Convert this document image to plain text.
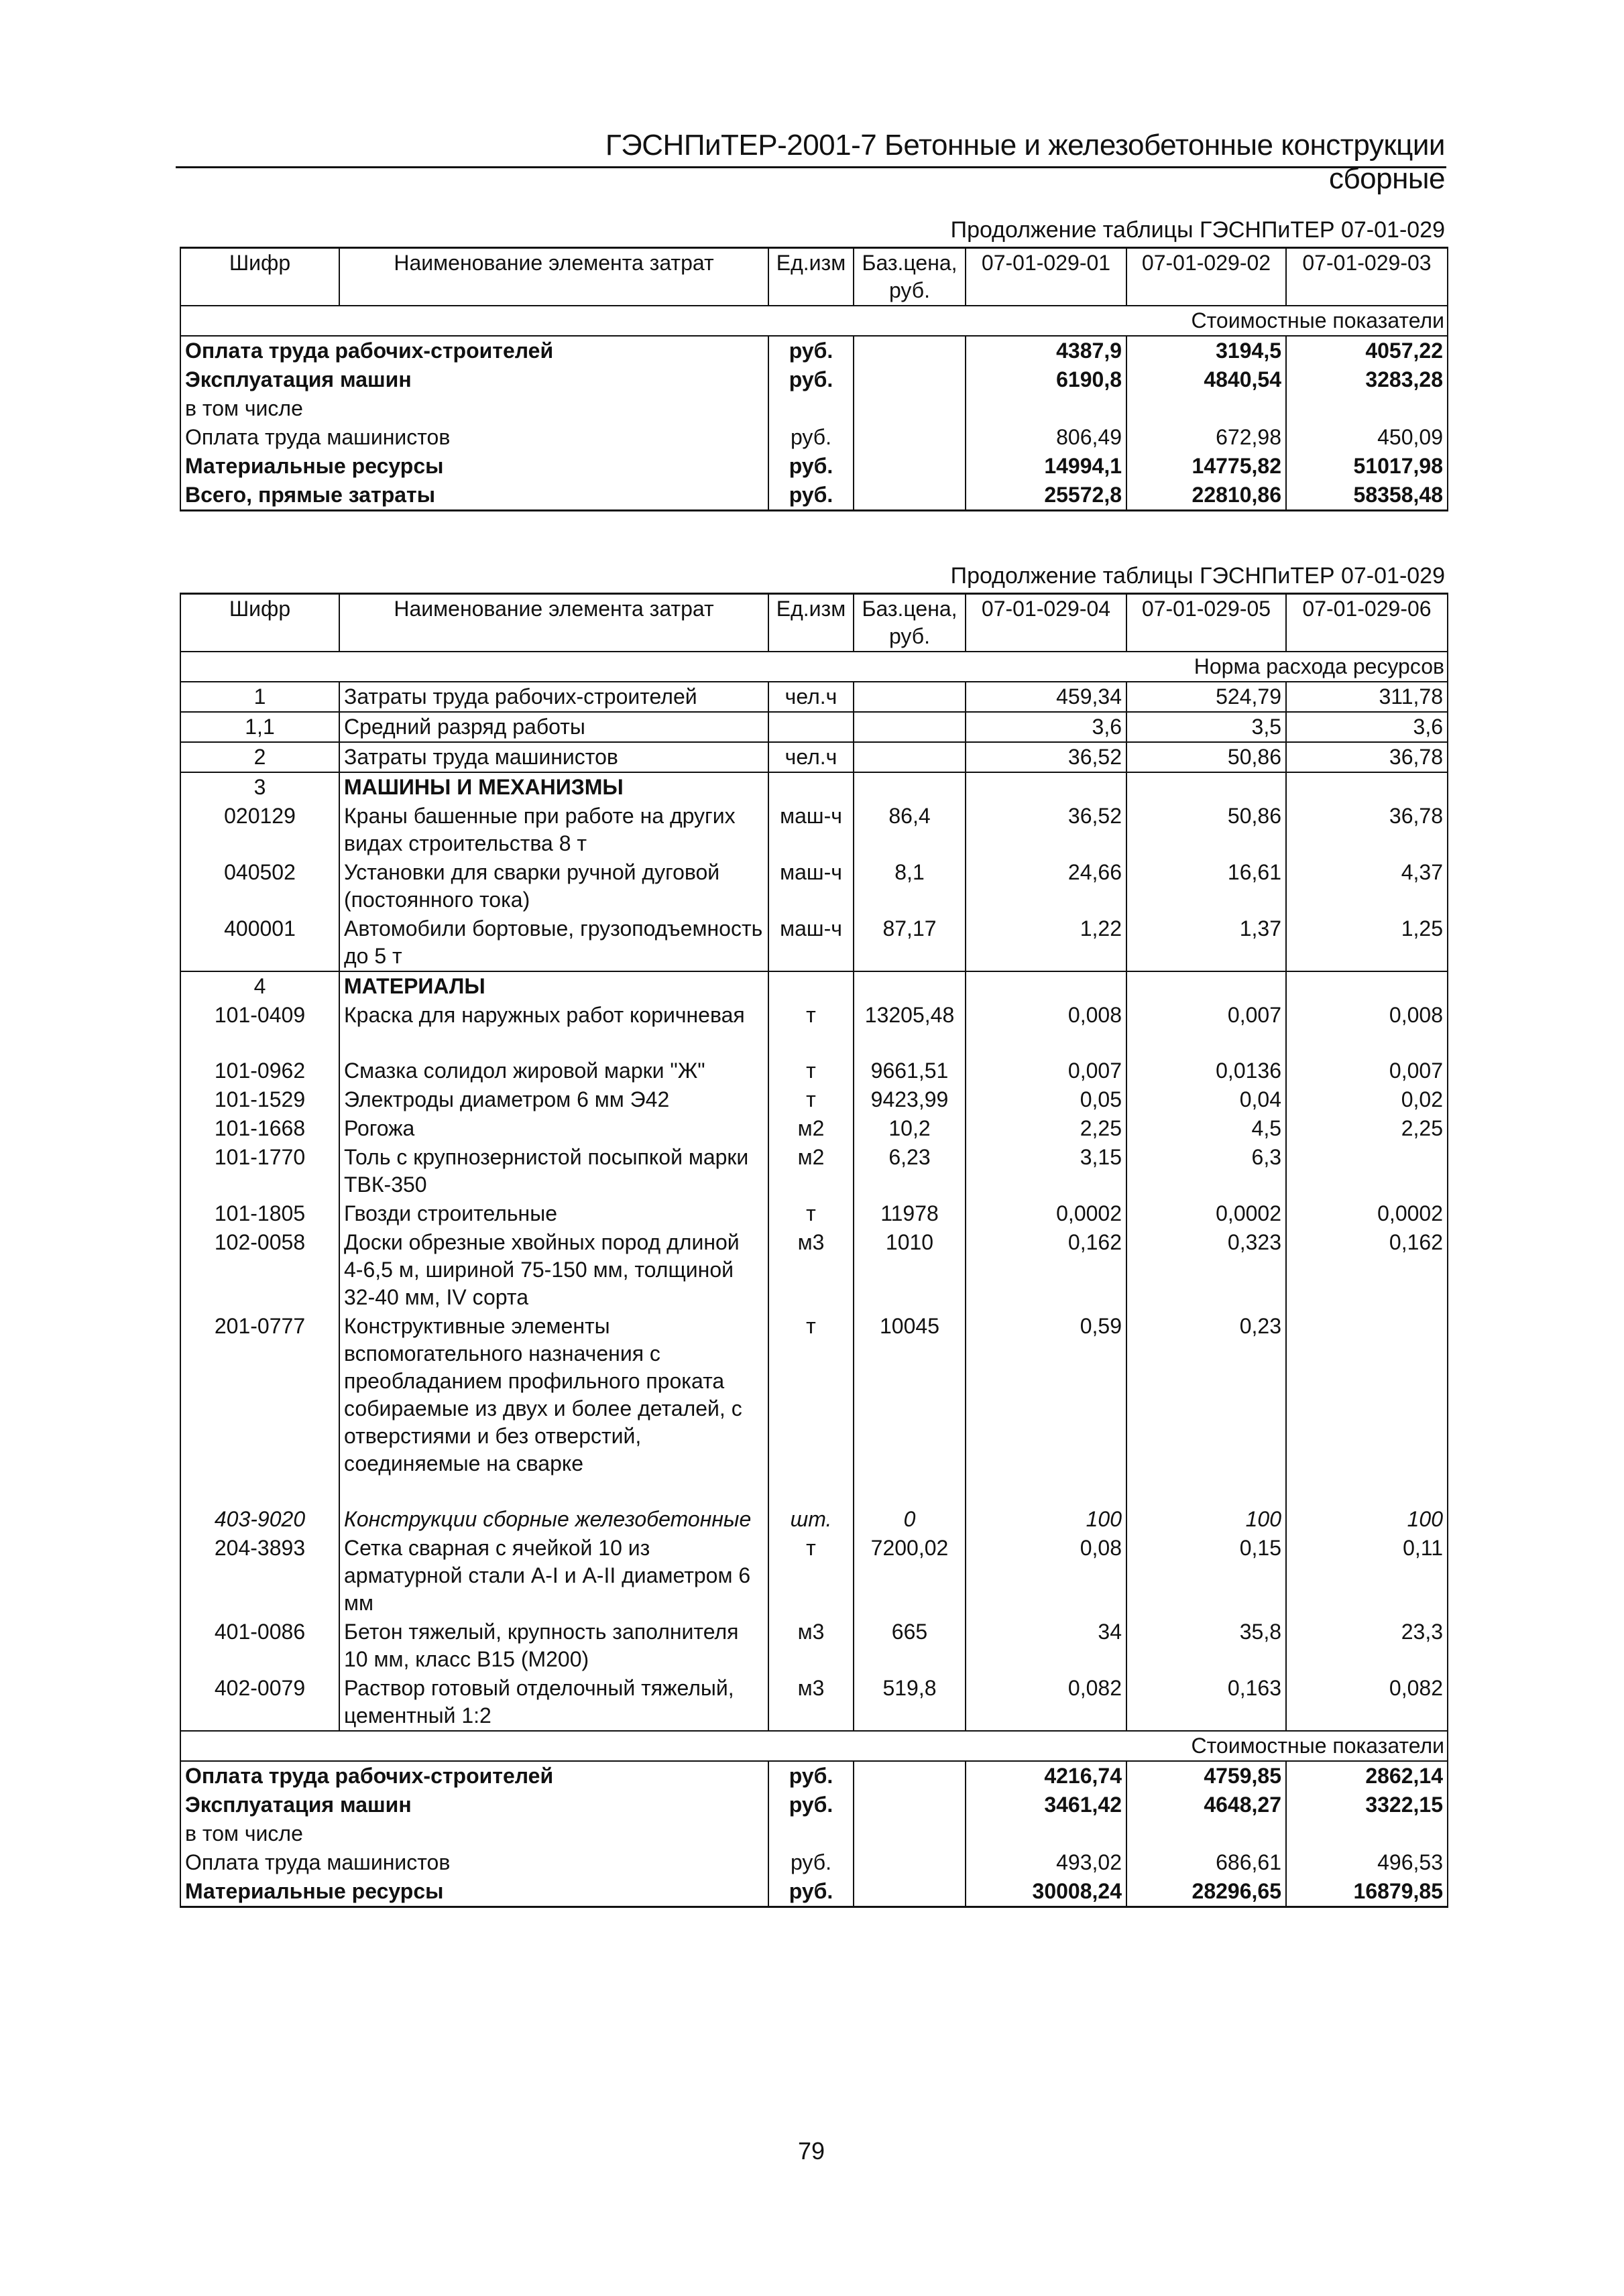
ГЭСНПиТЕР-2001-7 Бетонные и железобетонные конструкции сборные
Продолжение таблицы ГЭСНПиТЕР 07-01-029
Шифр	Наименование элемента затрат	Ед.изм	Баз.цена, руб.	07-01-029-01	07-01-029-02	07-01-029-03
Стоимостные показатели						
Оплата труда рабочих-строителей		руб.		4387,9	3194,5	4057,22
Эксплуатация машин		руб.		6190,8	4840,54	3283,28
в том числе						
Оплата труда машинистов		руб.		806,49	672,98	450,09
Материальные ресурсы		руб.		14994,1	14775,82	51017,98
Всего, прямые затраты		руб.		25572,8	22810,86	58358,48
Продолжение таблицы ГЭСНПиТЕР 07-01-029
Шифр	Наименование элемента затрат	Ед.изм	Баз.цена, руб.	07-01-029-04	07-01-029-05	07-01-029-06
Норма расхода ресурсов						
1	Затраты труда рабочих-строителей	чел.ч		459,34	524,79	311,78
1,1	Средний разряд работы			3,6	3,5	3,6
2	Затраты труда машинистов	чел.ч		36,52	50,86	36,78
3	МАШИНЫ И МЕХАНИЗМЫ					
020129	Краны башенные при работе на других видах строительства 8 т	маш-ч	86,4	36,52	50,86	36,78
040502	Установки для сварки ручной дуговой (постоянного тока)	маш-ч	8,1	24,66	16,61	4,37
400001	Автомобили бортовые, грузоподъемность до 5 т	маш-ч	87,17	1,22	1,37	1,25
4	МАТЕРИАЛЫ					
101-0409	Краска для наружных работ коричневая	т	13205,48	0,008	0,007	0,008
101-0962	Смазка солидол жировой марки "Ж"	т	9661,51	0,007	0,0136	0,007
101-1529	Электроды диаметром 6 мм Э42	т	9423,99	0,05	0,04	0,02
101-1668	Рогожа	м2	10,2	2,25	4,5	2,25
101-1770	Толь с крупнозернистой посыпкой марки ТВК-350	м2	6,23	3,15	6,3	
101-1805	Гвозди строительные	т	11978	0,0002	0,0002	0,0002
102-0058	Доски обрезные хвойных пород длиной 4-6,5 м, шириной 75-150 мм, толщиной 32-40 мм, IV сорта	м3	1010	0,162	0,323	0,162
201-0777	Конструктивные элементы вспомогательного назначения с преобладанием профильного проката собираемые из двух и более деталей, с отверстиями и без отверстий, соединяемые на сварке	т	10045	0,59	0,23	
403-9020	Конструкции сборные железобетонные	шт.	0	100	100	100
204-3893	Сетка сварная с ячейкой 10 из арматурной стали А-I и А-II диаметром 6 мм	т	7200,02	0,08	0,15	0,11
401-0086	Бетон тяжелый, крупность заполнителя 10 мм, класс В15 (М200)	м3	665	34	35,8	23,3
402-0079	Раствор готовый отделочный тяжелый, цементный 1:2	м3	519,8	0,082	0,163	0,082
Стоимостные показатели						
Оплата труда рабочих-строителей		руб.		4216,74	4759,85	2862,14
Эксплуатация машин		руб.		3461,42	4648,27	3322,15
в том числе						
Оплата труда машинистов		руб.		493,02	686,61	496,53
Материальные ресурсы		руб.		30008,24	28296,65	16879,85
79
